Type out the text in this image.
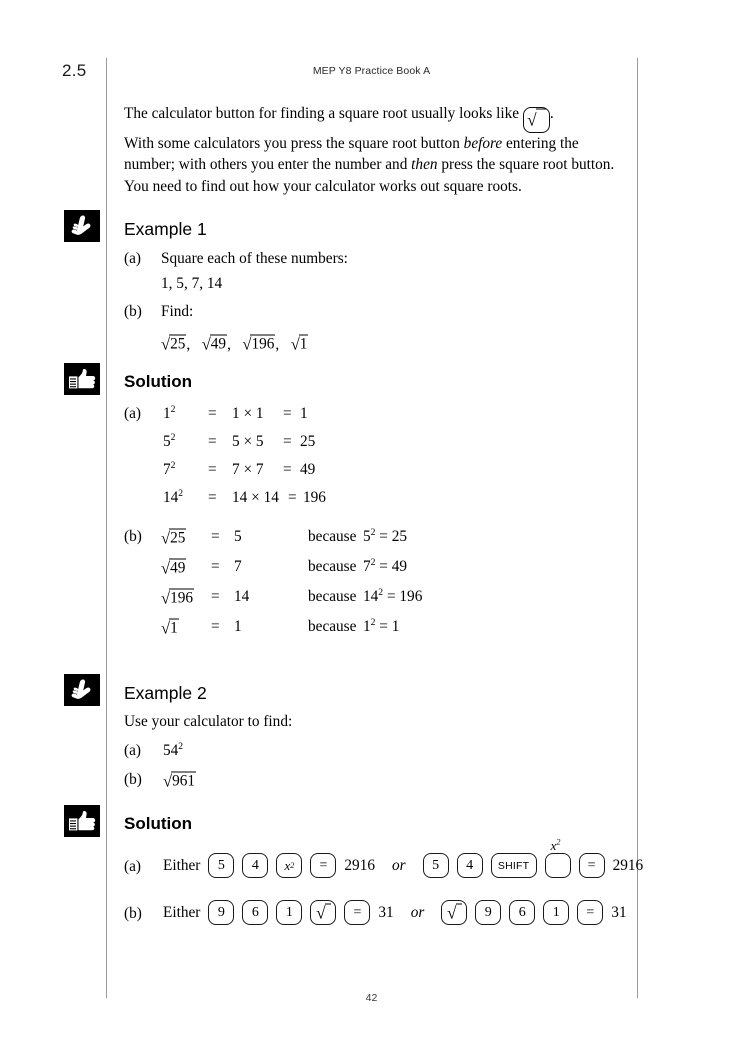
2.5	MEP Y8 Practice Book A
The calculator button for finding a square root usually looks like √ .
With some calculators you press the square root button before entering the
number; with others you enter the number and then press the square root button.
You need to find out how your calculator works out square roots.
Example 1
(a) Square each of these numbers:
1, 5, 7, 14
(b) Find:
√25, √49, √196, √1
Solution
(a) $1^2 = 1 \times 1 = 1$
$5^2 = 5 \times 5 = 25$
$7^2 = 7 \times 7 = 49$
$14^2 = 14 \times 14 = 196$
(b) √25 = 5	because $5^2 = 25$
√49 = 7	because $7^2 = 49$
√196 = 14	because $14^2 = 196$
√1 = 1	because $1^2 = 1$
Example 2
Use your calculator to find:
(a) $54^2$
(b) √961
Solution
(a) Either	5	4	x 2	=	2916 or	5	4	SHIFT
$x^2$
=	2916
(b) Either	9	6	1	√	=	31 or √	9	6	1	=	31
42
